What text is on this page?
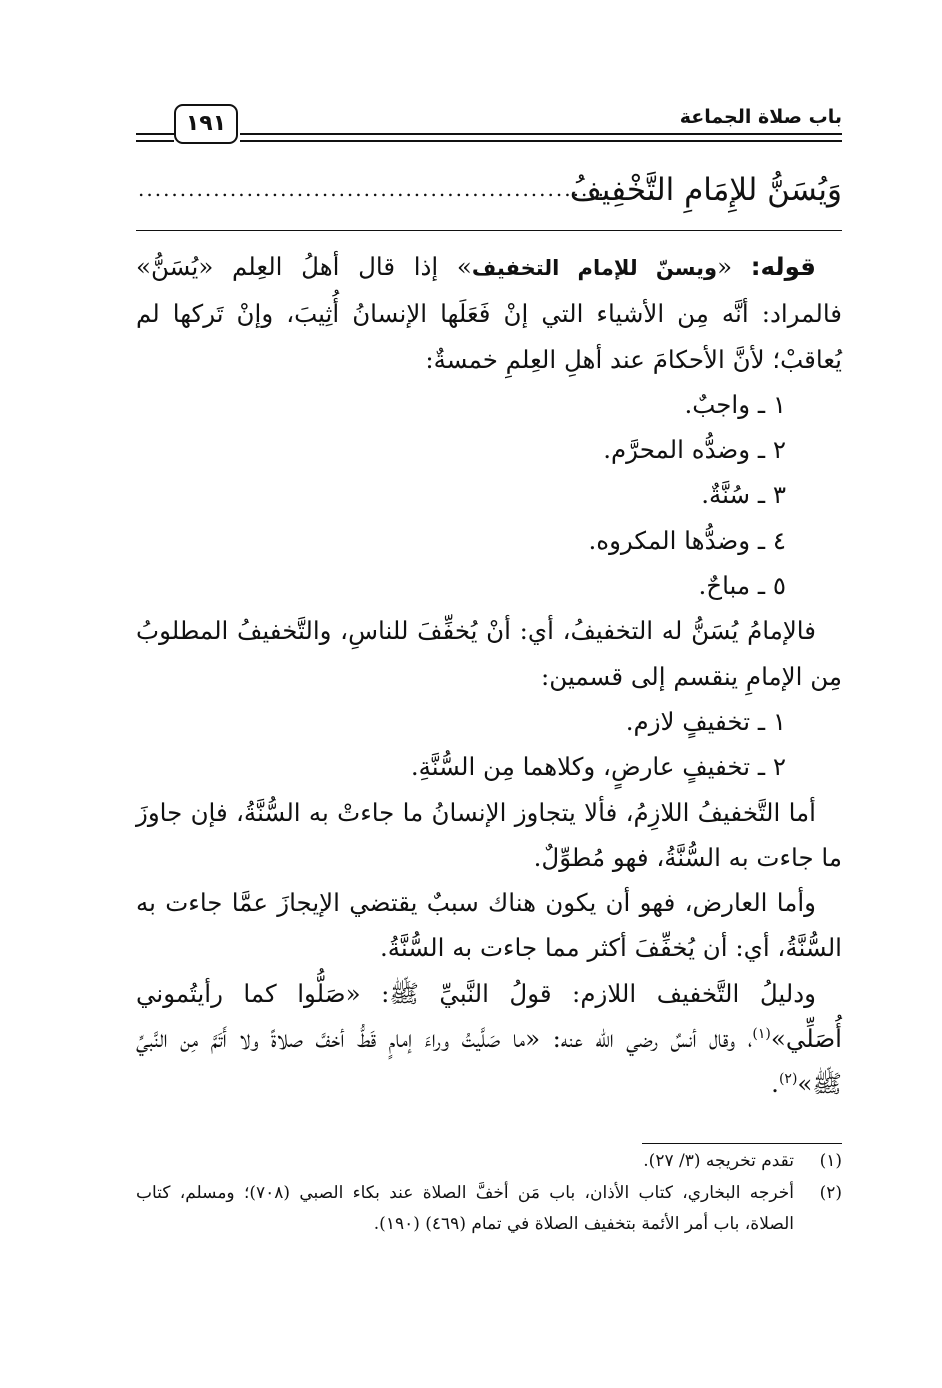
باب صلاة الجماعة
١٩١
وَيُسَنُّ للإِمَامِ التَّخْفِيفُ
........................................................

قوله: «ويسنّ للإمام التخفيف» إذا قال أهلُ العِلم «يُسَنُّ» فالمراد: أنَّه مِن الأشياء التي إنْ فَعَلَها الإنسانُ أُثِيبَ، وإنْ تَركها لم يُعاقبْ؛ لأنَّ الأحكامَ عند أهلِ العِلمِ خمسةٌ:

١ ـ واجبٌ.

٢ ـ وضدُّه المحرَّم.

٣ ـ سُنَّةٌ.

٤ ـ وضدُّها المكروه.

٥ ـ مباحٌ.

فالإمامُ يُسَنُّ له التخفيفُ، أي: أنْ يُخفِّفَ للناسِ، والتَّخفيفُ المطلوبُ مِن الإمامِ ينقسم إلى قسمين:

١ ـ تخفيفٍ لازم.

٢ ـ تخفيفٍ عارضٍ، وكلاهما مِن السُّنَّةِ.

أما التَّخفيفُ اللازِمُ، فألا يتجاوز الإنسانُ ما جاءتْ به السُّنَّةُ، فإن جاوزَ ما جاءت به السُّنَّةُ، فهو مُطوِّلٌ.

وأما العارض، فهو أن يكون هناك سببٌ يقتضي الإيجازَ عمَّا جاءت به السُّنَّةُ، أي: أن يُخفِّفَ أكثر مما جاءت به السُّنَّةُ.

ودليلُ التَّخفيف اللازم: قولُ النَّبيِّ ﷺ: «صَلُّوا كما رأيتُموني أُصَلِّي»$^{(١)}$، وقال أنسٌ رضي الله عنه: «ما صَلَّيتُ وراءَ إمامٍ قَطُّ أخفَّ صلاةً ولا أَتَمَّ مِن النَّبيِّ ﷺ»$^{(٢)}$.

(١)
تقدم تخريجه (٣/ ٢٧).
(٢)
أخرجه البخاري، كتاب الأذان، باب مَن أخفَّ الصلاة عند بكاء الصبي (٧٠٨)؛ ومسلم، كتاب الصلاة، باب أمر الأئمة بتخفيف الصلاة في تمام (٤٦٩) (١٩٠).
